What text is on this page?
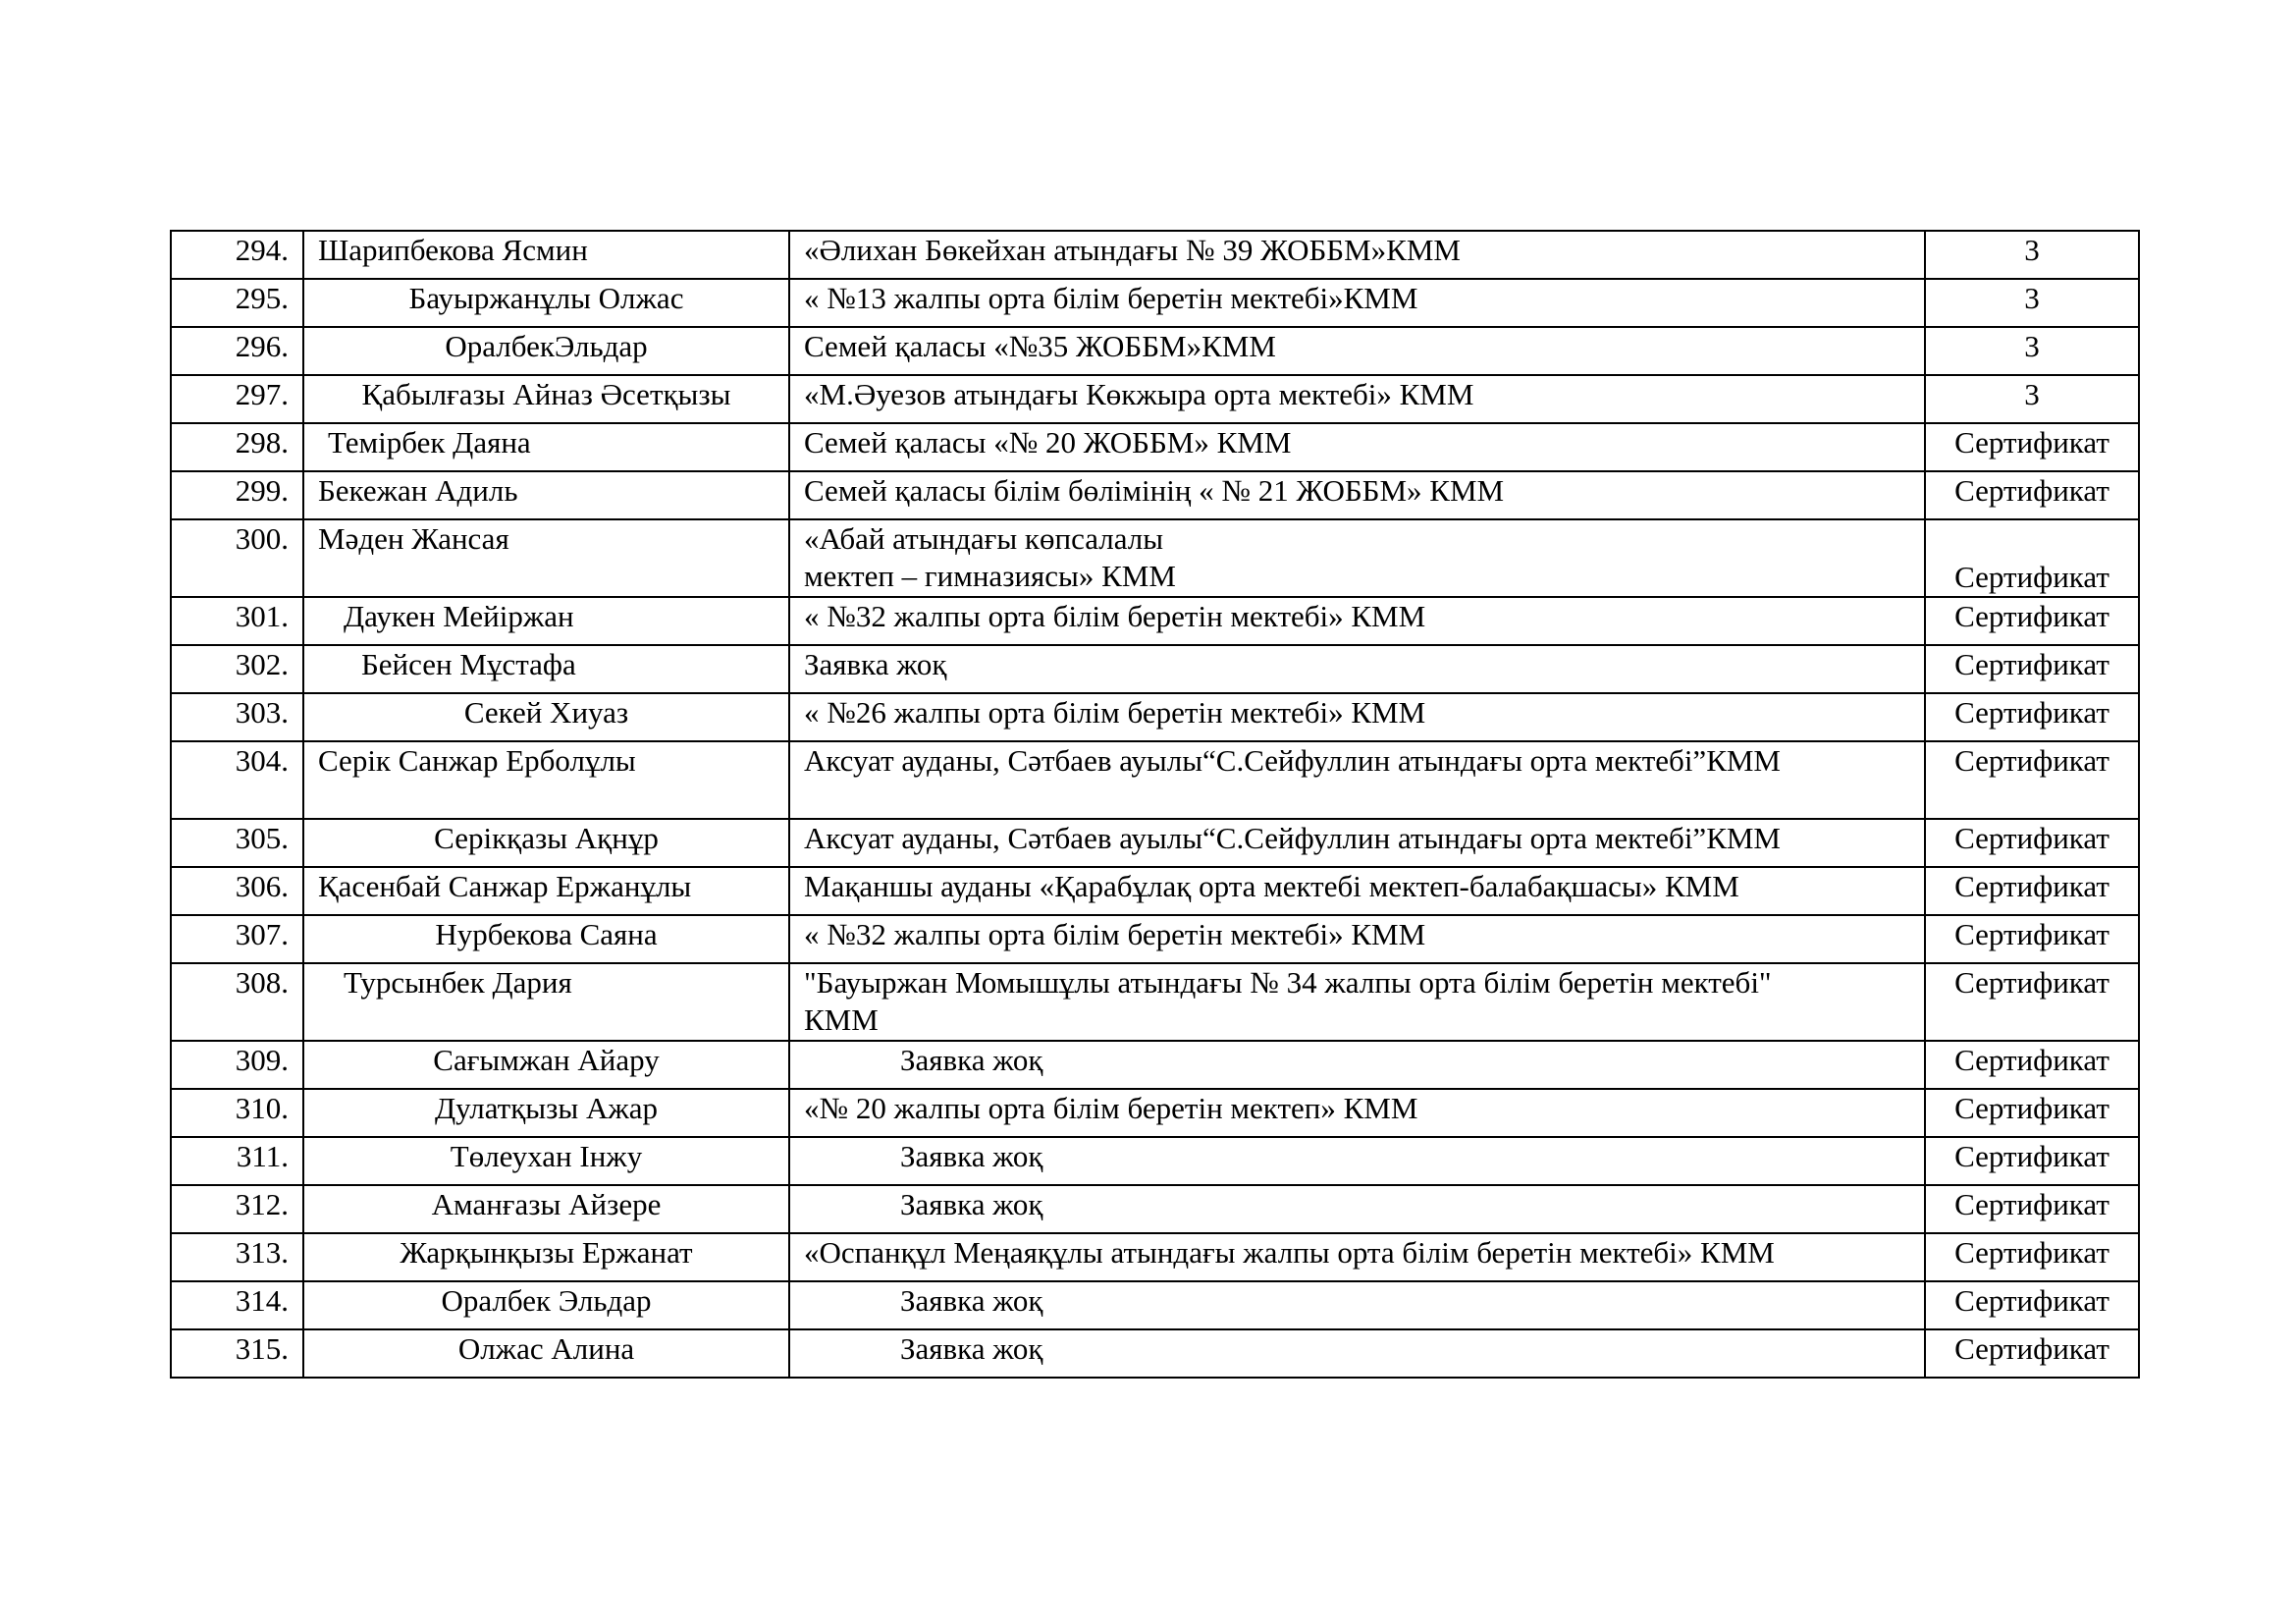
294.	Шарипбекова Ясмин	«Әлихан Бөкейхан атындағы № 39 ЖОББМ»КММ	3
295.	Бауыржанұлы Олжас	« №13 жалпы орта білім беретін мектебі»КММ	3
296.	ОралбекЭльдар	Семей қаласы «№35 ЖОББМ»КММ	3
297.	Қабылғазы Айназ Әсетқызы	«М.Әуезов атындағы Көкжыра орта мектебі» КММ	3
298.	Темірбек Даяна	Семей қаласы «№ 20 ЖОББМ» КММ	Сертификат
299.	Бекежан Адиль	Семей қаласы білім бөлімінің « № 21 ЖОББМ» КММ	Сертификат
300.	Мәден Жансая	«Абай атындағы көпсалалы
мектеп – гимназиясы» КММ	Сертификат
301.	Даукен Мейіржан	« №32 жалпы орта білім беретін мектебі» КММ	Сертификат
302.	Бейсен Мұстафа	Заявка жоқ	Сертификат
303.	Секей Хиуаз	« №26 жалпы орта білім беретін мектебі» КММ	Сертификат
304.	Серік Санжар Ерболұлы	Аксуат ауданы, Сәтбаев ауылы“С.Сейфуллин атындағы орта мектебі”КММ	Сертификат
305.	Серікқазы Ақнұр	Аксуат ауданы, Сәтбаев ауылы“С.Сейфуллин атындағы орта мектебі”КММ	Сертификат
306.	Қасенбай Санжар Ержанұлы	Мақаншы ауданы «Қарабұлақ орта мектебі мектеп-балабақшасы» КММ	Сертификат
307.	Нурбекова Саяна	« №32 жалпы орта білім беретін мектебі» КММ	Сертификат
308.	Турсынбек Дария	"Бауыржан Момышұлы атындағы № 34 жалпы орта білім беретін мектебі"
КММ	Сертификат
309.	Сағымжан Айару	Заявка жоқ	Сертификат
310.	Дулатқызы Ажар	«№ 20 жалпы орта білім беретін мектеп» КММ	Сертификат
311.	Төлеухан Інжу	Заявка жоқ	Сертификат
312.	Аманғазы Айзере	Заявка жоқ	Сертификат
313.	Жарқынқызы Ержанат	«Оспанқұл Меңаяқұлы атындағы жалпы орта білім беретін мектебі» КММ	Сертификат
314.	Оралбек Эльдар	Заявка жоқ	Сертификат
315.	Олжас Алина	Заявка жоқ	Сертификат
